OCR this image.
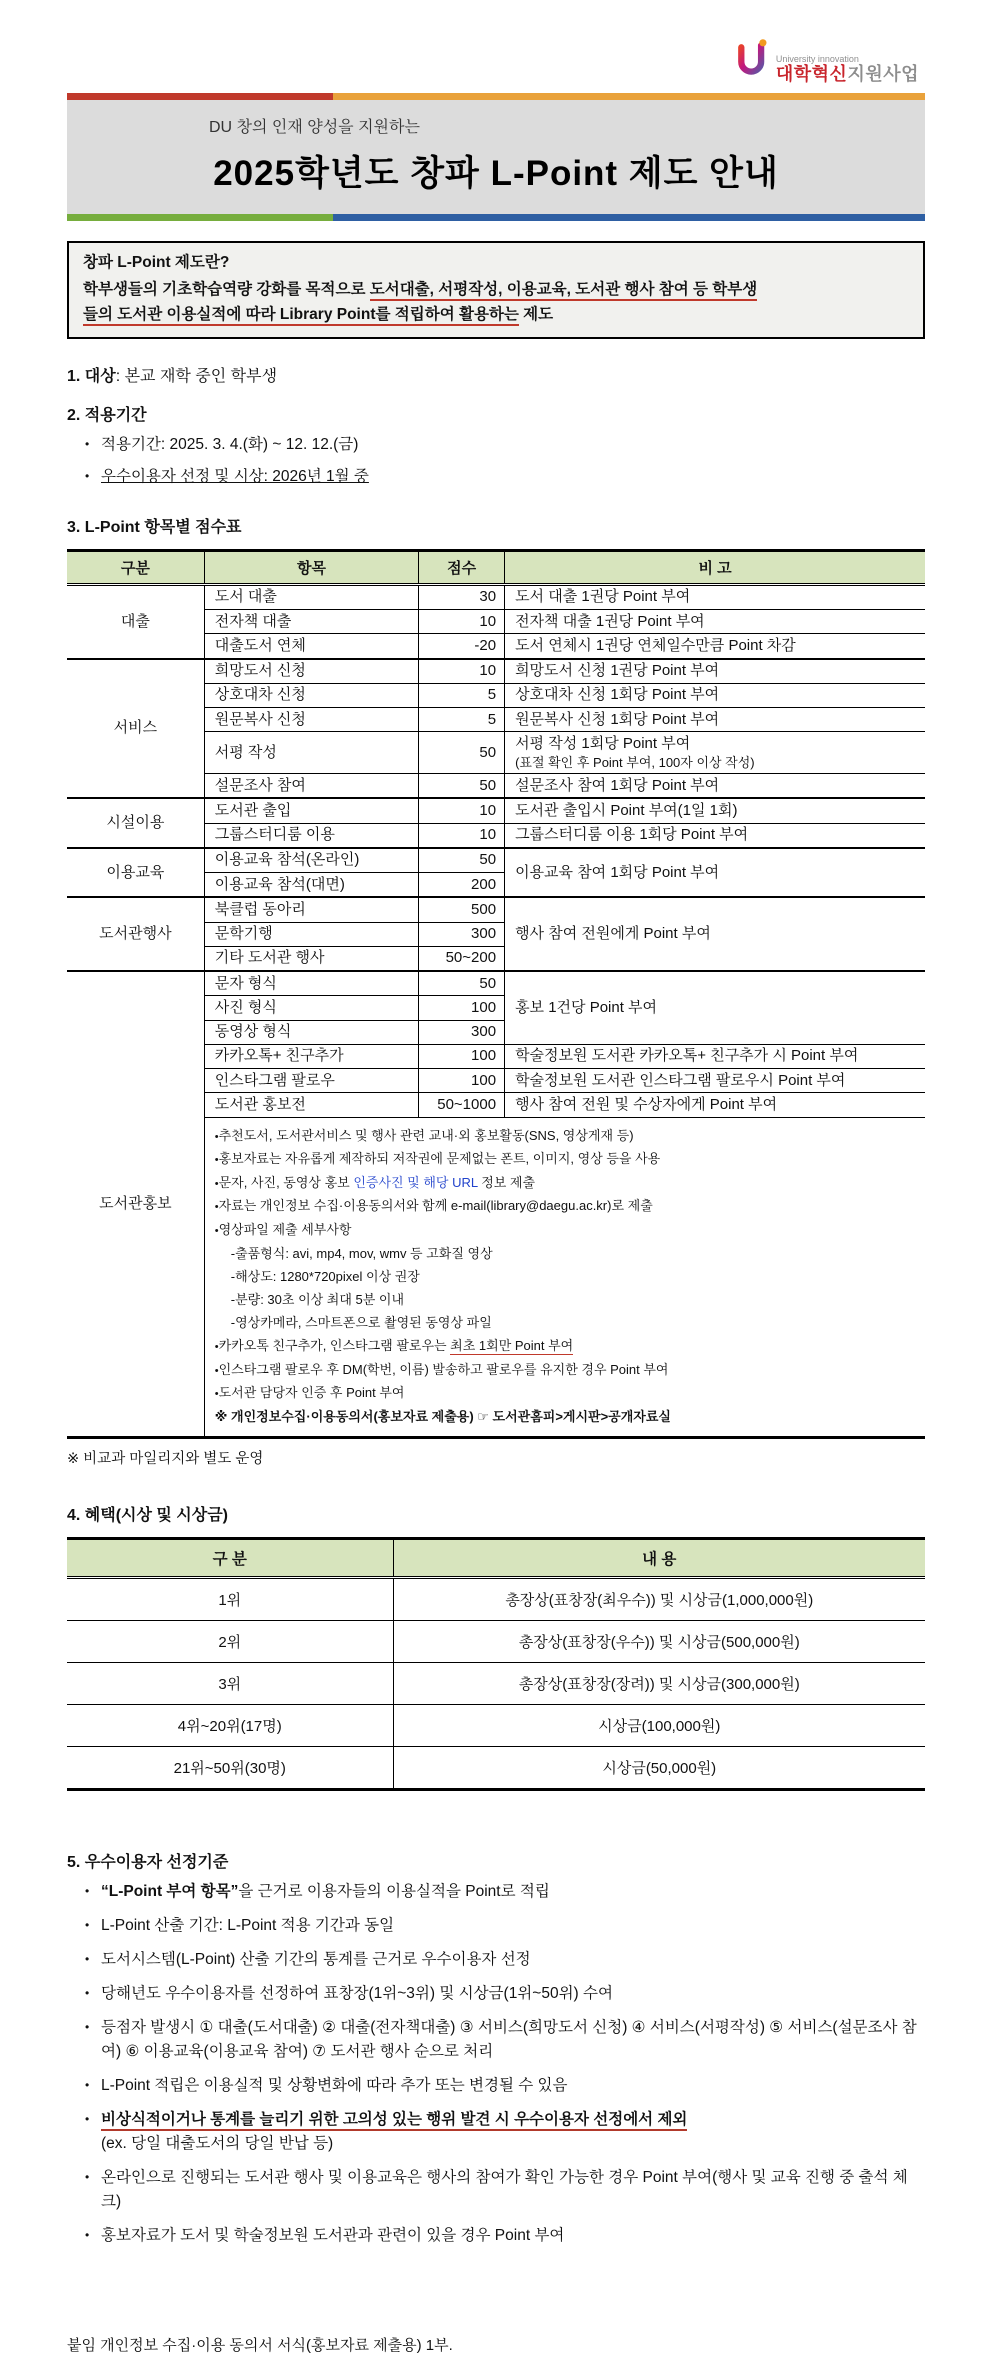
University innovation
대학혁신지원사업
DU 창의 인재 양성을 지원하는
2025학년도 창파 L-Point 제도 안내
창파 L-Point 제도란?
학부생들의 기초학습역량 강화를 목적으로 도서대출, 서평작성, 이용교육, 도서관 행사 참여 등 학부생
들의 도서관 이용실적에 따라 Library Point를 적립하여 활용하는 제도
1. 대상: 본교 재학 중인 학부생
2. 적용기간
• 적용기간: 2025. 3. 4.(화) ~ 12. 12.(금)
• 우수이용자 선정 및 시상: 2026년 1월 중
3. L-Point 항목별 점수표
구분	항목	점수	비 고
대출	도서 대출	30	도서 대출 1권당 Point 부여
	전자책 대출	10	전자책 대출 1권당 Point 부여
	대출도서 연체	-20	도서 연체시 1권당 연체일수만큼 Point 차감
서비스	희망도서 신청	10	희망도서 신청 1권당 Point 부여
	상호대차 신청	5	상호대차 신청 1회당 Point 부여
	원문복사 신청	5	원문복사 신청 1회당 Point 부여
	서평 작성	50	서평 작성 1회당 Point 부여
(표절 확인 후 Point 부여, 100자 이상 작성)

	설문조사 참여	50	설문조사 참여 1회당 Point 부여
시설이용	도서관 출입	10	도서관 출입시 Point 부여(1일 1회)
	그룹스터디룸 이용	10	그룹스터디룸 이용 1회당 Point 부여
이용교육	이용교육 참석(온라인)	50	이용교육 참여 1회당 Point 부여
	이용교육 참석(대면)	200	
도서관행사	북클럽 동아리	500	행사 참여 전원에게 Point 부여
	문학기행	300	
	기타 도서관 행사	50~200	
도서관홍보	문자 형식	50	홍보 1건당 Point 부여
	사진 형식	100	
	동영상 형식	300	
	카카오톡+ 친구추가	100	학술정보원 도서관 카카오톡+ 친구추가 시 Point 부여
	인스타그램 팔로우	100	학술정보원 도서관 인스타그램 팔로우시 Point 부여
	도서관 홍보전	50~1000	행사 참여 전원 및 수상자에게 Point 부여

• 추천도서, 도서관서비스 및 행사 관련 교내·외 홍보활동(SNS, 영상게재 등)
• 홍보자료는 자유롭게 제작하되 저작권에 문제없는 폰트, 이미지, 영상 등을 사용
• 문자, 사진, 동영상 홍보 인증사진 및 해당 URL 정보 제출
• 자료는 개인정보 수집·이용동의서와 함께 e-mail(library@daegu.ac.kr)로 제출
• 영상파일 제출 세부사항
-출품형식: avi, mp4, mov, wmv 등 고화질 영상
-해상도: 1280*720pixel 이상 권장
-분량: 30초 이상 최대 5분 이내
-영상카메라, 스마트폰으로 촬영된 동영상 파일
• 카카오톡 친구추가, 인스타그램 팔로우는 최초 1회만 Point 부여
• 인스타그램 팔로우 후 DM(학번, 이름) 발송하고 팔로우를 유지한 경우 Point 부여
• 도서관 담당자 인증 후 Point 부여
※ 개인정보수집·이용동의서(홍보자료 제출용) ☞ 도서관홈피>게시판>공개자료실
※ 비교과 마일리지와 별도 운영
4. 혜택(시상 및 시상금)
구 분	내 용
1위	총장상(표창장(최우수)) 및 시상금(1,000,000원)
2위	총장상(표창장(우수)) 및 시상금(500,000원)
3위	총장상(표창장(장려)) 및 시상금(300,000원)
4위~20위(17명)	시상금(100,000원)
21위~50위(30명)	시상금(50,000원)
5. 우수이용자 선정기준
• “L-Point 부여 항목”을 근거로 이용자들의 이용실적을 Point로 적립
• L-Point 산출 기간: L-Point 적용 기간과 동일
• 도서시스템(L-Point) 산출 기간의 통계를 근거로 우수이용자 선정
• 당해년도 우수이용자를 선정하여 표창장(1위~3위) 및 시상금(1위~50위) 수여
• 등점자 발생시 ① 대출(도서대출) ② 대출(전자책대출) ③ 서비스(희망도서 신청) ④ 서비스(서평작성) ⑤ 서비스(설문조사 참여) ⑥ 이용교육(이용교육 참여) ⑦ 도서관 행사 순으로 처리
• L-Point 적립은 이용실적 및 상황변화에 따라 추가 또는 변경될 수 있음
• 비상식적이거나 통계를 늘리기 위한 고의성 있는 행위 발견 시 우수이용자 선정에서 제외
(ex. 당일 대출도서의 당일 반납 등)
• 온라인으로 진행되는 도서관 행사 및 이용교육은 행사의 참여가 확인 가능한 경우 Point 부여(행사 및 교육 진행 중 출석 체크)
• 홍보자료가 도서 및 학술정보원 도서관과 관련이 있을 경우 Point 부여
붙임 개인정보 수집·이용 동의서 서식(홍보자료 제출용) 1부.
